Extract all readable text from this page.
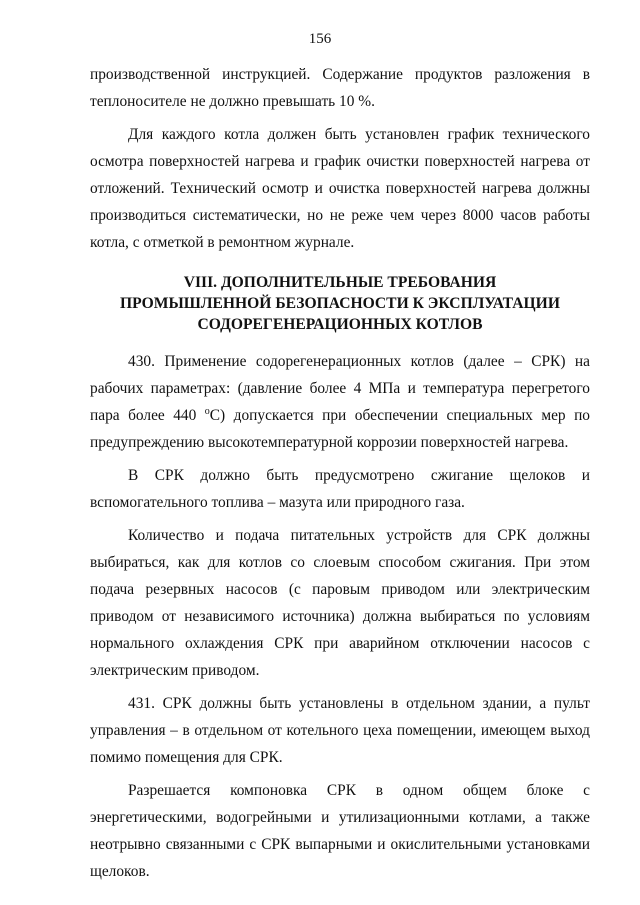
156

производственной инструкцией. Содержание продуктов разложения в теплоносителе не должно превышать 10 %.

Для каждого котла должен быть установлен график технического осмотра поверхностей нагрева и график очистки поверхностей нагрева от отложений. Технический осмотр и очистка поверхностей нагрева должны производиться систематически, но не реже чем через 8000 часов работы котла, с отметкой в ремонтном журнале.

VIII. ДОПОЛНИТЕЛЬНЫЕ ТРЕБОВАНИЯ
ПРОМЫШЛЕННОЙ БЕЗОПАСНОСТИ К ЭКСПЛУАТАЦИИ
СОДОРЕГЕНЕРАЦИОННЫХ КОТЛОВ

430. Применение содорегенерационных котлов (далее – СРК) на рабочих параметрах: (давление более 4 МПа и температура перегретого пара более 440 $^о$С) допускается при обеспечении специальных мер по предупреждению высокотемпературной коррозии поверхностей нагрева.

В СРК должно быть предусмотрено сжигание щелоков и вспомогательного топлива – мазута или природного газа.

Количество и подача питательных устройств для СРК должны выбираться, как для котлов со слоевым способом сжигания. При этом подача резервных насосов (с паровым приводом или электрическим приводом от независимого источника) должна выбираться по условиям нормального охлаждения СРК при аварийном отключении насосов с электрическим приводом.

431. СРК должны быть установлены в отдельном здании, а пульт управления – в отдельном от котельного цеха помещении, имеющем выход помимо помещения для СРК.

Разрешается компоновка СРК в одном общем блоке с энергетическими, водогрейными и утилизационными котлами, а также неотрывно связанными с СРК выпарными и окислительными установками щелоков.
